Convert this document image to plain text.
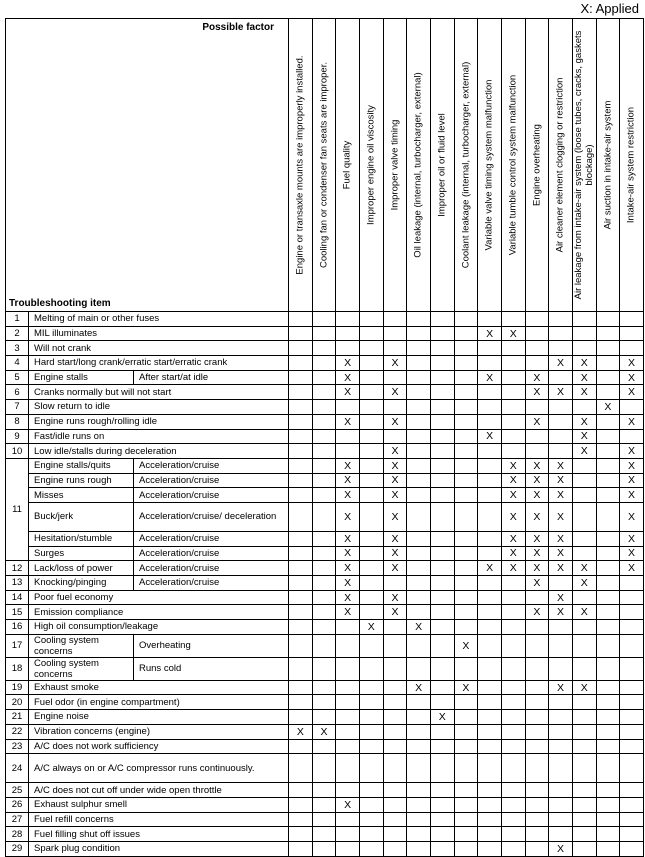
X: Applied
Possible factor
Troubleshooting item			Engine or transaxle mounts are improperly installed.	Cooling fan or condenser fan seats are improper.	Fuel quality	Improper engine oil viscosity	Improper valve timing	Oil leakage (internal, turbocharger, external)	Improper oil or fluid level	Coolant leakage (internal, turbocharger, external)	Variable valve timing system malfunction	Variable tumble control system malfunction	Engine overheating	Air cleaner element clogging or restriction	Air leakage from intake-air system (loose tubes, cracks, gaskets blockage)	Air suction in intake-air system	Intake-air system restriction

1	Melting of main or other fuses																
2	MIL illuminates										X	X					
3	Will not crank																
4	Hard start/long crank/erratic start/erratic crank				X		X							X	X		X
5	Engine stalls	After start/at idle			X						X		X		X		X
6	Cranks normally but will not start				X		X						X	X	X		X
7	Slow return to idle															X	
8	Engine runs rough/rolling idle				X		X						X		X		X
9	Fast/idle runs on										X				X		
10	Low idle/stalls during deceleration						X								X		X
11	Engine stalls/quits	Acceleration/cruise			X		X					X	X	X			X
	Engine runs rough	Acceleration/cruise			X		X					X	X	X			X
	Misses	Acceleration/cruise			X		X					X	X	X			X
	Buck/jerk	Acceleration/cruise/ deceleration			X		X					X	X	X			X
	Hesitation/stumble	Acceleration/cruise			X		X					X	X	X			X
	Surges	Acceleration/cruise			X		X					X	X	X			X
12	Lack/loss of power	Acceleration/cruise			X		X				X	X	X	X	X		X
13	Knocking/pinging	Acceleration/cruise			X								X		X		
14	Poor fuel economy				X		X							X			
15	Emission compliance				X		X						X	X	X		
16	High oil consumption/leakage					X		X									
17	Cooling system concerns	Overheating								X							
18	Cooling system concerns	Runs cold															
19	Exhaust smoke							X		X				X	X		
20	Fuel odor (in engine compartment)																
21	Engine noise								X								
22	Vibration concerns (engine)		X	X													
23	A/C does not work sufficiency																
24	A/C always on or A/C compressor runs continuously.																
25	A/C does not cut off under wide open throttle																
26	Exhaust sulphur smell				X												
27	Fuel refill concerns																
28	Fuel filling shut off issues																
29	Spark plug condition													X			
